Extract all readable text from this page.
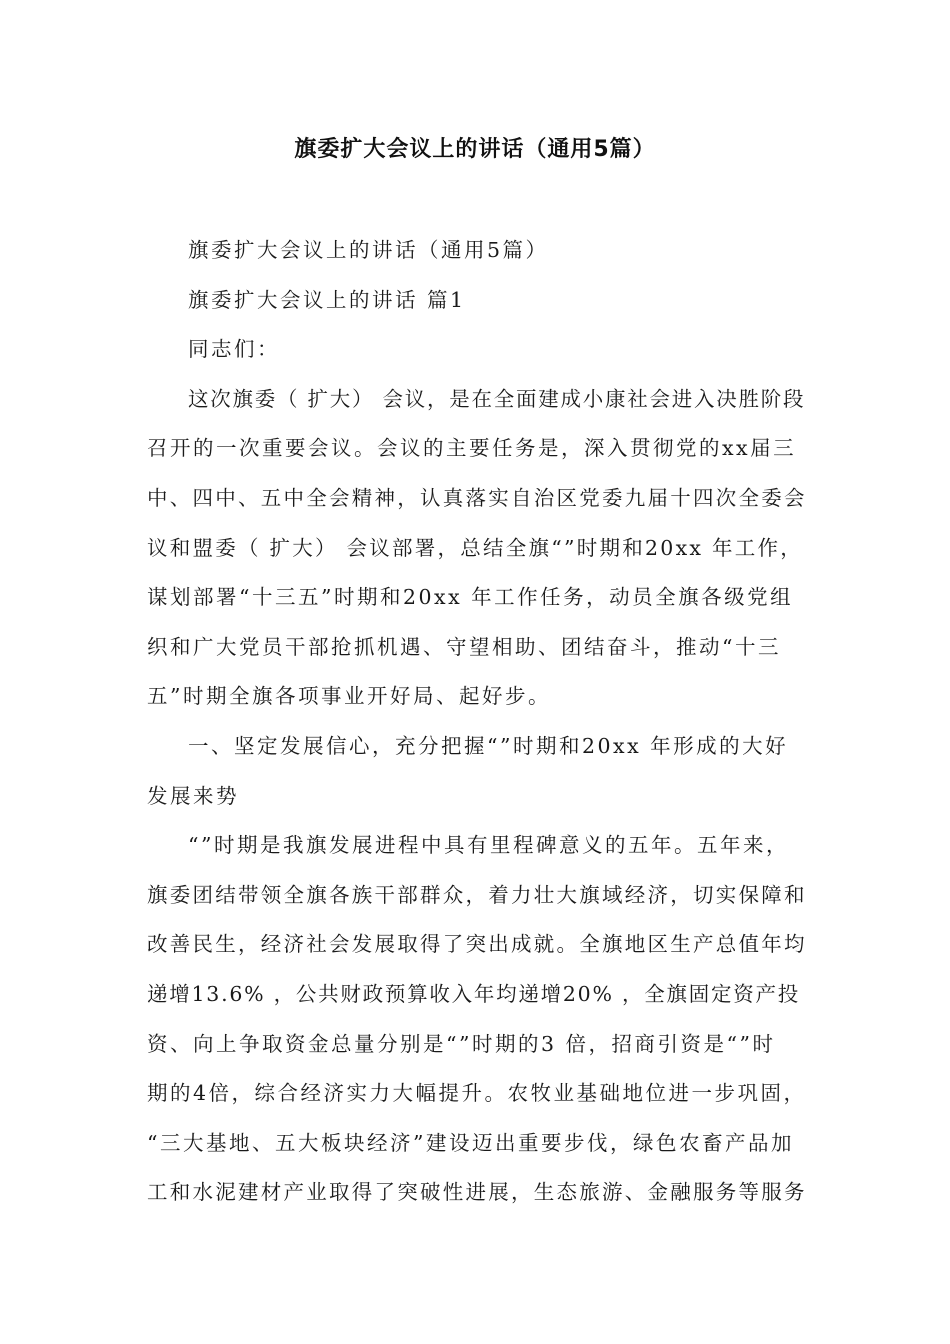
旗委扩大会议上的讲话（通用5篇）
旗委扩大会议上的讲话（通用5篇）
旗委扩大会议上的讲话 篇1
同志们：
这次旗委（ 扩大） 会议，是在全面建成小康社会进入决胜阶段
召开的一次重要会议。会议的主要任务是，深入贯彻党的xx届三
中、四中、五中全会精神，认真落实自治区党委九届十四次全委会
议和盟委（ 扩大） 会议部署，总结全旗“”时期和20xx 年工作，
谋划部署“十三五”时期和20xx 年工作任务，动员全旗各级党组
织和广大党员干部抢抓机遇、守望相助、团结奋斗，推动“十三
五”时期全旗各项事业开好局、起好步。
一、坚定发展信心，充分把握“”时期和20xx 年形成的大好
发展来势
“”时期是我旗发展进程中具有里程碑意义的五年。五年来，
旗委团结带领全旗各族干部群众，着力壮大旗域经济，切实保障和
改善民生，经济社会发展取得了突出成就。全旗地区生产总值年均
递增13.6% ，公共财政预算收入年均递增20% ，全旗固定资产投
资、向上争取资金总量分别是“”时期的3 倍，招商引资是“”时
期的4倍，综合经济实力大幅提升。农牧业基础地位进一步巩固，
“三大基地、五大板块经济”建设迈出重要步伐，绿色农畜产品加
工和水泥建材产业取得了突破性进展，生态旅游、金融服务等服务
